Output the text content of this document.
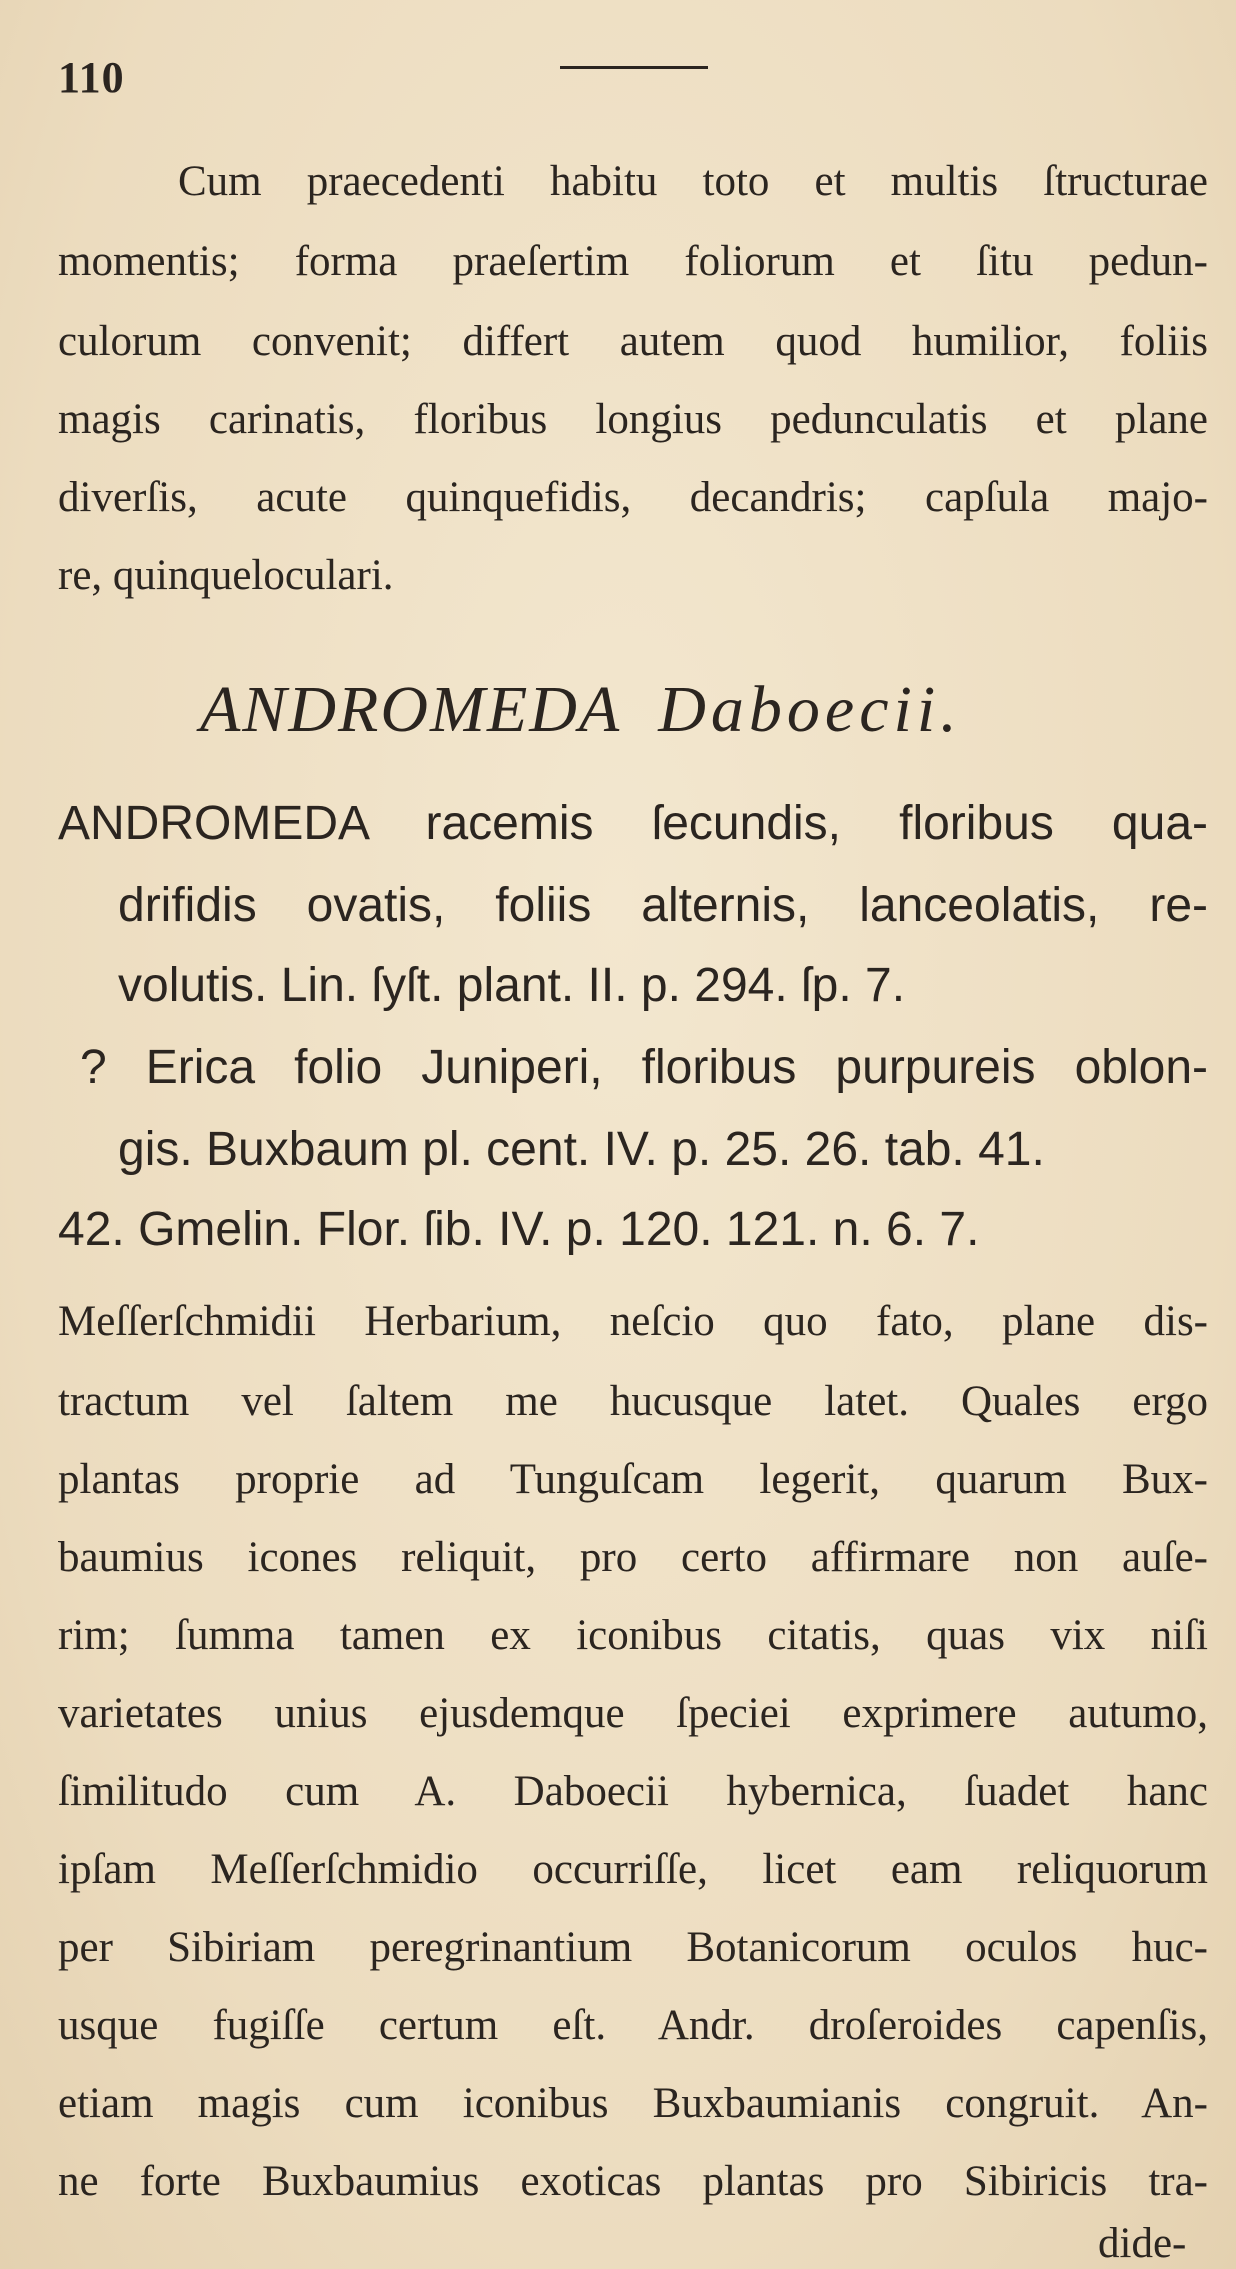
110
Cum praecedenti habitu toto et multis ſtructurae
momentis; forma praeſertim foliorum et ſitu pedun-
culorum convenit; differt autem quod humilior, foliis
magis carinatis, floribus longius pedunculatis et plane
diverſis, acute quinquefidis, decandris; capſula majo-
re, quinqueloculari.
ANDROMEDA Daboecii.
ANDROMEDA racemis ſecundis, floribus qua-
drifidis ovatis, foliis alternis, lanceolatis, re-
volutis. Lin. ſyſt. plant. II. p. 294. ſp. 7.
? Erica folio Juniperi, floribus purpureis oblon-
gis. Buxbaum pl. cent. IV. p. 25. 26. tab. 41.
42. Gmelin. Flor. ſib. IV. p. 120. 121. n. 6. 7.
Meſſerſchmidii Herbarium, neſcio quo fato, plane dis-
tractum vel ſaltem me hucusque latet. Quales ergo
plantas proprie ad Tunguſcam legerit, quarum Bux-
baumius icones reliquit, pro certo affirmare non auſe-
rim; ſumma tamen ex iconibus citatis, quas vix niſi
varietates unius ejusdemque ſpeciei exprimere autumo,
ſimilitudo cum A. Daboecii hybernica, ſuadet hanc
ipſam Meſſerſchmidio occurriſſe, licet eam reliquorum
per Sibiriam peregrinantium Botanicorum oculos huc-
usque fugiſſe certum eſt. Andr. droſeroides capenſis,
etiam magis cum iconibus Buxbaumianis congruit. An-
ne forte Buxbaumius exoticas plantas pro Sibiricis tra-
dide-
